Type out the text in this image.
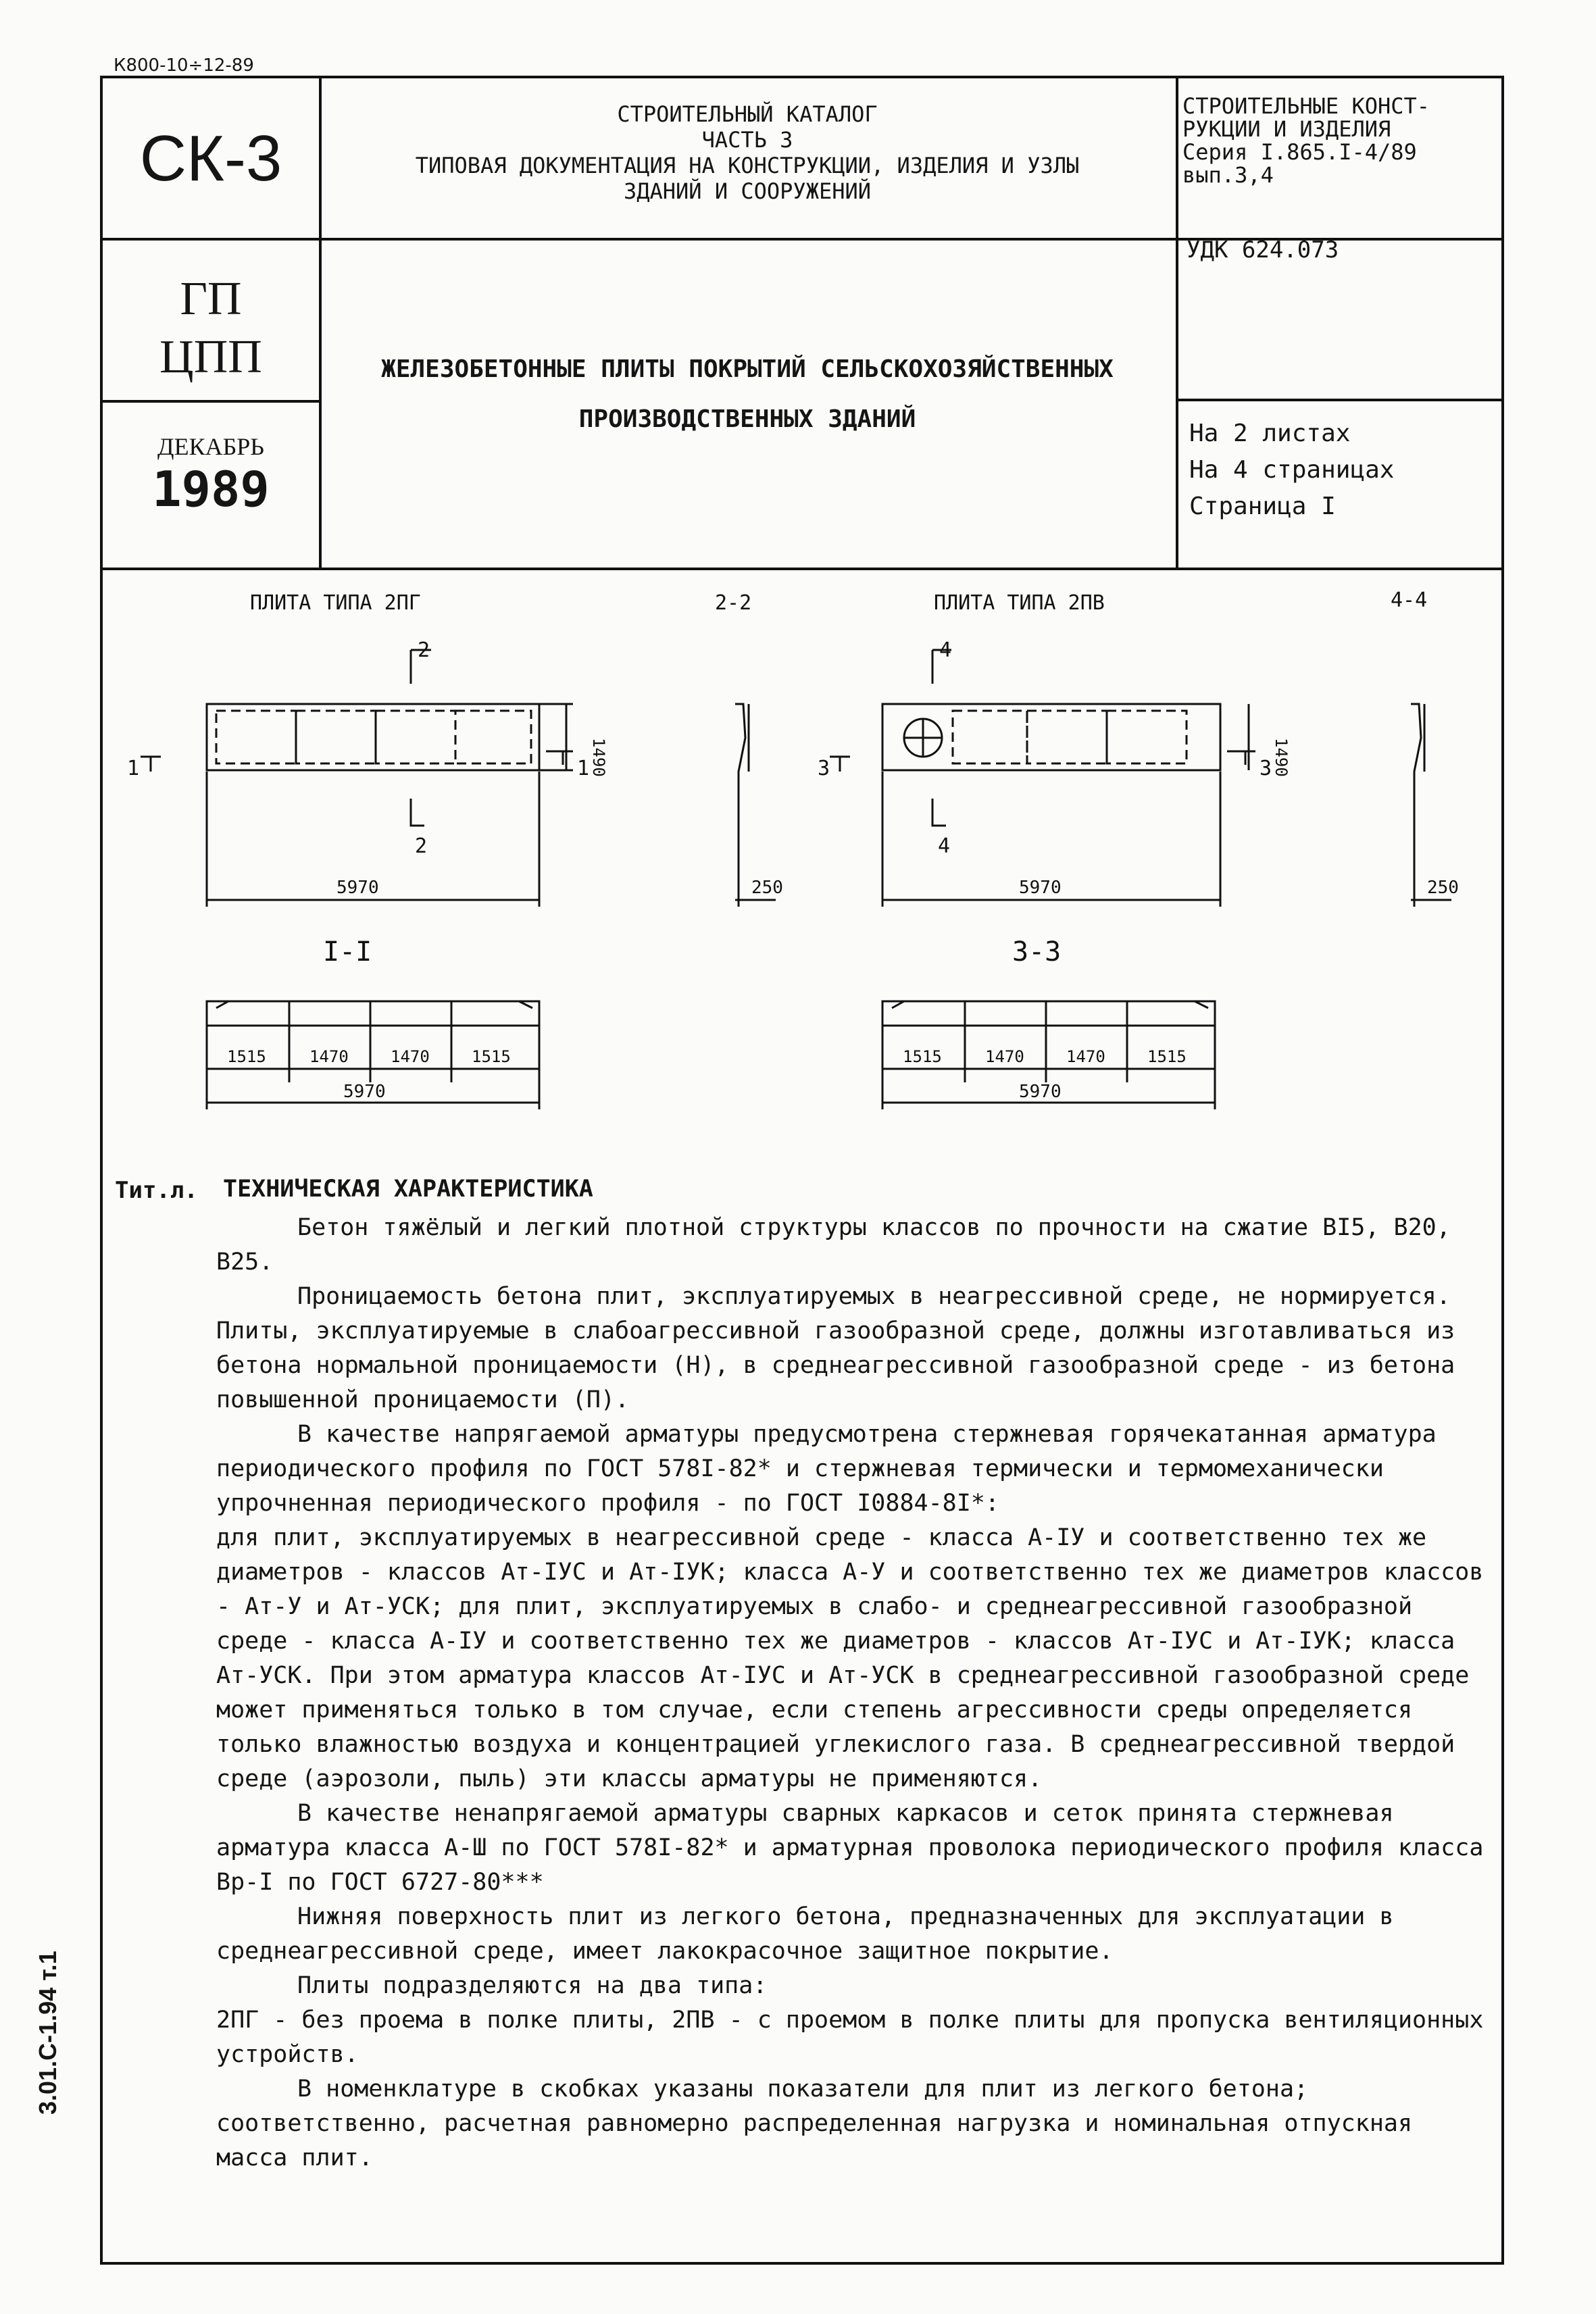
К800-10÷12-89
СК-3
ГП
ЦПП
ДЕКАБРЬ
1989
СТРОИТЕЛЬНЫЙ КАТАЛОГ
ЧАСТЬ 3
ТИПОВАЯ ДОКУМЕНТАЦИЯ НА КОНСТРУКЦИИ, ИЗДЕЛИЯ И УЗЛЫ
ЗДАНИЙ И СООРУЖЕНИЙ
СТРОИТЕЛЬНЫЕ КОНСТ-
РУКЦИИ И ИЗДЕЛИЯ
Серия I.865.I-4/89
вып.3,4
УДК 624.073
ЖЕЛЕЗОБЕТОННЫЕ ПЛИТЫ ПОКРЫТИЙ СЕЛЬСКОХОЗЯЙСТВЕННЫХ
ПРОИЗВОДСТВЕННЫХ ЗДАНИЙ
На 2 листах
На 4 страницах
Страница I
ПЛИТА ТИПА 2ПГ	2-2	ПЛИТА ТИПА 2ПВ	4-4
2
2
4
4
1	1	3	3
1490	1490
5970	5970
250	250
I-I	3-3
1515	1470	1470	1515
5970
1515	1470	1470	1515
5970
Тит.л. ТЕХНИЧЕСКАЯ ХАРАКТЕРИСТИКА

Бетон тяжёлый и легкий плотной структуры классов по прочности на сжатие BI5, B20, B25.

Проницаемость бетона плит, эксплуатируемых в неагрессивной среде, не нормируется. Плиты, эксплуатируемые в слабоагрессивной газообразной среде, должны изготавливаться из бетона нормальной проницаемости (Н), в среднеагрессивной газообразной среде - из бетона повышенной проницаемости (П).

В качестве напрягаемой арматуры предусмотрена стержневая горячекатанная арматура периодического профиля по ГОСТ 578I-82* и стержневая термически и термомеханически упрочненная периодического профиля - по ГОСТ I0884-8I*:

для плит, эксплуатируемых в неагрессивной среде - класса А-IУ и соответственно тех же диаметров - классов Ат-IУС и Ат-IУК; класса А-У и соответственно тех же диаметров классов - Ат-У и Ат-УСК; для плит, эксплуатируемых в слабо- и среднеагрессивной газообразной среде - класса А-IУ и соответственно тех же диаметров - классов Ат-IУС и Ат-IУК; класса Ат-УСК. При этом арматура классов Ат-IУС и Ат-УСК в среднеагрессивной газообразной среде может применяться только в том случае, если степень агрессивности среды определяется только влажностью воздуха и концентрацией углекислого газа. В среднеагрессивной твердой среде (аэрозоли, пыль) эти классы арматуры не применяются.

В качестве ненапрягаемой арматуры сварных каркасов и сеток принята стержневая арматура класса А-Ш по ГОСТ 578I-82* и арматурная проволока периодического профиля класса Вр-I по ГОСТ 6727-80***

Нижняя поверхность плит из легкого бетона, предназначенных для эксплуатации в среднеагрессивной среде, имеет лакокрасочное защитное покрытие.

Плиты подразделяются на два типа:

2ПГ - без проема в полке плиты, 2ПВ - с проемом в полке плиты для пропуска вентиляционных устройств.

В номенклатуре в скобках указаны показатели для плит из легкого бетона; соответственно, расчетная равномерно распределенная нагрузка и номинальная отпускная масса плит.

3.01.С-1.94 т.1
